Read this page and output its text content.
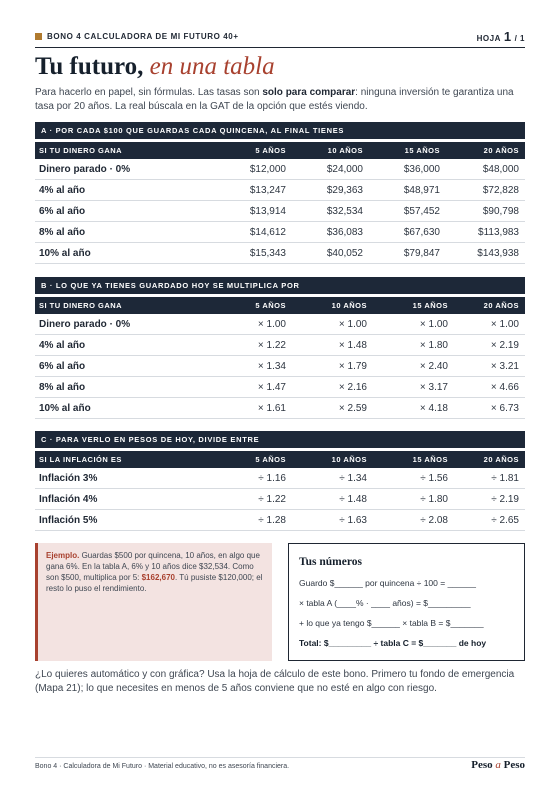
BONO 4 CALCULADORA DE MI FUTURO 40+	HOJA 1 / 1
Tu futuro, en una tabla

Para hacerlo en papel, sin fórmulas. Las tasas son solo para comparar: ninguna inversión te garantiza una tasa por 20 años. La real búscala en la GAT de la opción que estés viendo.

A · POR CADA $100 QUE GUARDAS CADA QUINCENA, AL FINAL TIENES
SI TU DINERO GANA	5 AÑOS	10 AÑOS	15 AÑOS	20 AÑOS
Dinero parado · 0%	$12,000	$24,000	$36,000	$48,000
4% al año	$13,247	$29,363	$48,971	$72,828
6% al año	$13,914	$32,534	$57,452	$90,798
8% al año	$14,612	$36,083	$67,630	$113,983
10% al año	$15,343	$40,052	$79,847	$143,938
B · LO QUE YA TIENES GUARDADO HOY SE MULTIPLICA POR
SI TU DINERO GANA	5 AÑOS	10 AÑOS	15 AÑOS	20 AÑOS
Dinero parado · 0%	× 1.00	× 1.00	× 1.00	× 1.00
4% al año	× 1.22	× 1.48	× 1.80	× 2.19
6% al año	× 1.34	× 1.79	× 2.40	× 3.21
8% al año	× 1.47	× 2.16	× 3.17	× 4.66
10% al año	× 1.61	× 2.59	× 4.18	× 6.73
C · PARA VERLO EN PESOS DE HOY, DIVIDE ENTRE
SI LA INFLACIÓN ES	5 AÑOS	10 AÑOS	15 AÑOS	20 AÑOS
Inflación 3%	÷ 1.16	÷ 1.34	÷ 1.56	÷ 1.81
Inflación 4%	÷ 1.22	÷ 1.48	÷ 1.80	÷ 2.19
Inflación 5%	÷ 1.28	÷ 1.63	÷ 2.08	÷ 2.65
Ejemplo. Guardas $500 por quincena, 10 años, en algo que gana 6%. En la tabla A, 6% y 10 años dice $32,534. Como son $500, multiplica por 5: $162,670. Tú pusiste $120,000; el resto lo puso el rendimiento.
Tus números
Guardo $______ por quincena ÷ 100 = ______
× tabla A (____% · ____ años) = $_________
+ lo que ya tengo $______ × tabla B = $_______
Total: $_________ ÷ tabla C = $_______ de hoy

¿Lo quieres automático y con gráfica? Usa la hoja de cálculo de este bono. Primero tu fondo de emergencia (Mapa 21); lo que necesites en menos de 5 años conviene que no esté en algo con riesgo.

Bono 4 · Calculadora de Mi Futuro · Material educativo, no es asesoría financiera.	Peso a Peso
